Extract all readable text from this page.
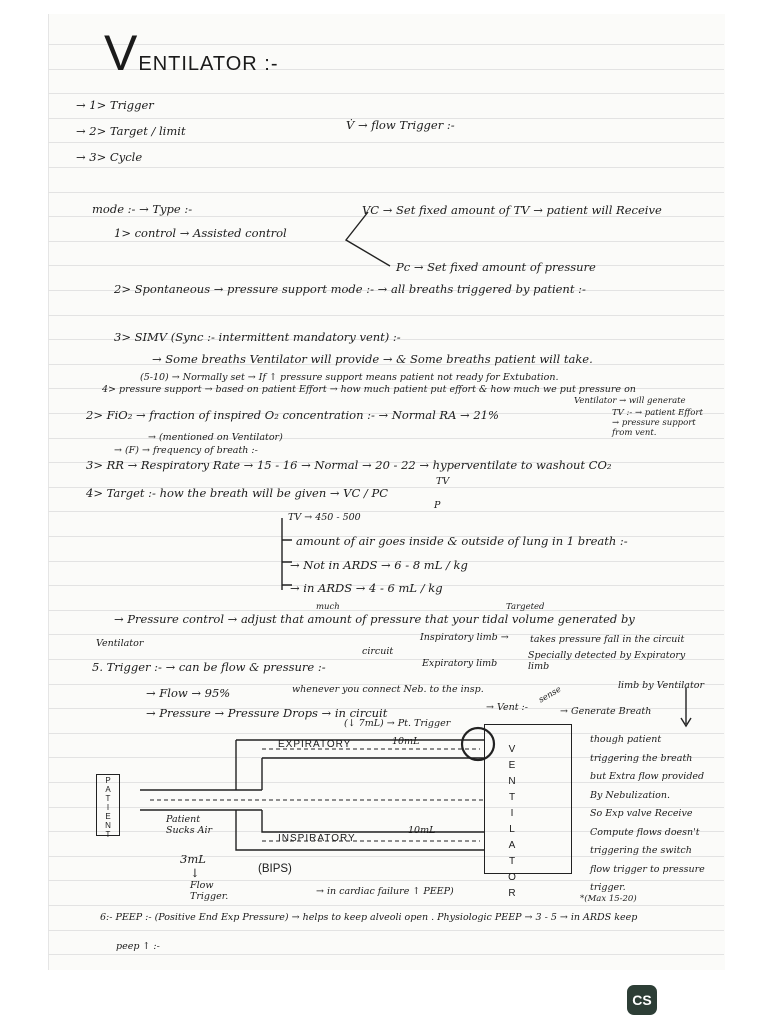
VENTILATOR :-
→ 1> Trigger
→ 2> Target / limit
→ 3> Cycle
V̇ → flow Trigger :-
mode :- → Type :-	VC → Set fixed amount of TV → patient will Receive
1> control → Assisted control
Pc → Set fixed amount of pressure
2> Spontaneous → pressure support mode :- → all breaths triggered by patient :-
3> SIMV (Sync :- intermittent mandatory vent) :-
→ Some breaths Ventilator will provide → & Some breaths patient will take.
(5-10) → Normally set → If ↑ pressure support means patient not ready for Extubation.
4> pressure support → based on patient Effort → how much patient put effort & how much we put pressure on
Ventilator → will generate
2> FiO₂ → fraction of inspired O₂ concentration :- → Normal RA → 21%	TV :- → patient Effort → pressure support from vent.
→ (mentioned on Ventilator)
→ (F) → frequency of breath :-
3> RR → Respiratory Rate → 15 - 16 → Normal → 20 - 22 → hyperventilate to washout CO₂
4> Target :- how the breath will be given → VC / PC
TV
P
TV → 450 - 500
amount of air goes inside & outside of lung in 1 breath :-
→ Not in ARDS → 6 - 8 mL / kg
→ in ARDS → 4 - 6 mL / kg
much	Targeted
→ Pressure control → adjust that amount of pressure that your tidal volume generated by
Ventilator
5. Trigger :- → can be flow & pressure :-
circuit
Inspiratory limb → takes pressure fall in the circuit
Expiratory limb
Specially detected by Expiratory limb
→ Flow → 95%	whenever you connect Neb. to the insp.	limb by Ventilator
→ Pressure → Pressure Drops → in circuit
(↓ 7mL) → Pt. Trigger
→ Vent :-
sense
→ Generate Breath
P
A
T
I
E
N
T
V
E
N
T
I
L
A
T
O
R
EXPIRATORY	10mL
INSPIRATORY
10mL
Patient Sucks Air
3mL
↓
Flow Trigger.
(BIPS)
though patient
triggering the breath
but Extra flow provided
By Nebulization.
So Exp valve Receive
Compute flows doesn't
triggering the switch
flow trigger to pressure
trigger.
→ in cardiac failure ↑ PEEP)
*(Max 15-20)
6:- PEEP :- (Positive End Exp Pressure) → helps to keep alveoli open . Physiologic PEEP → 3 - 5 → in ARDS keep
peep ↑ :-
CS
